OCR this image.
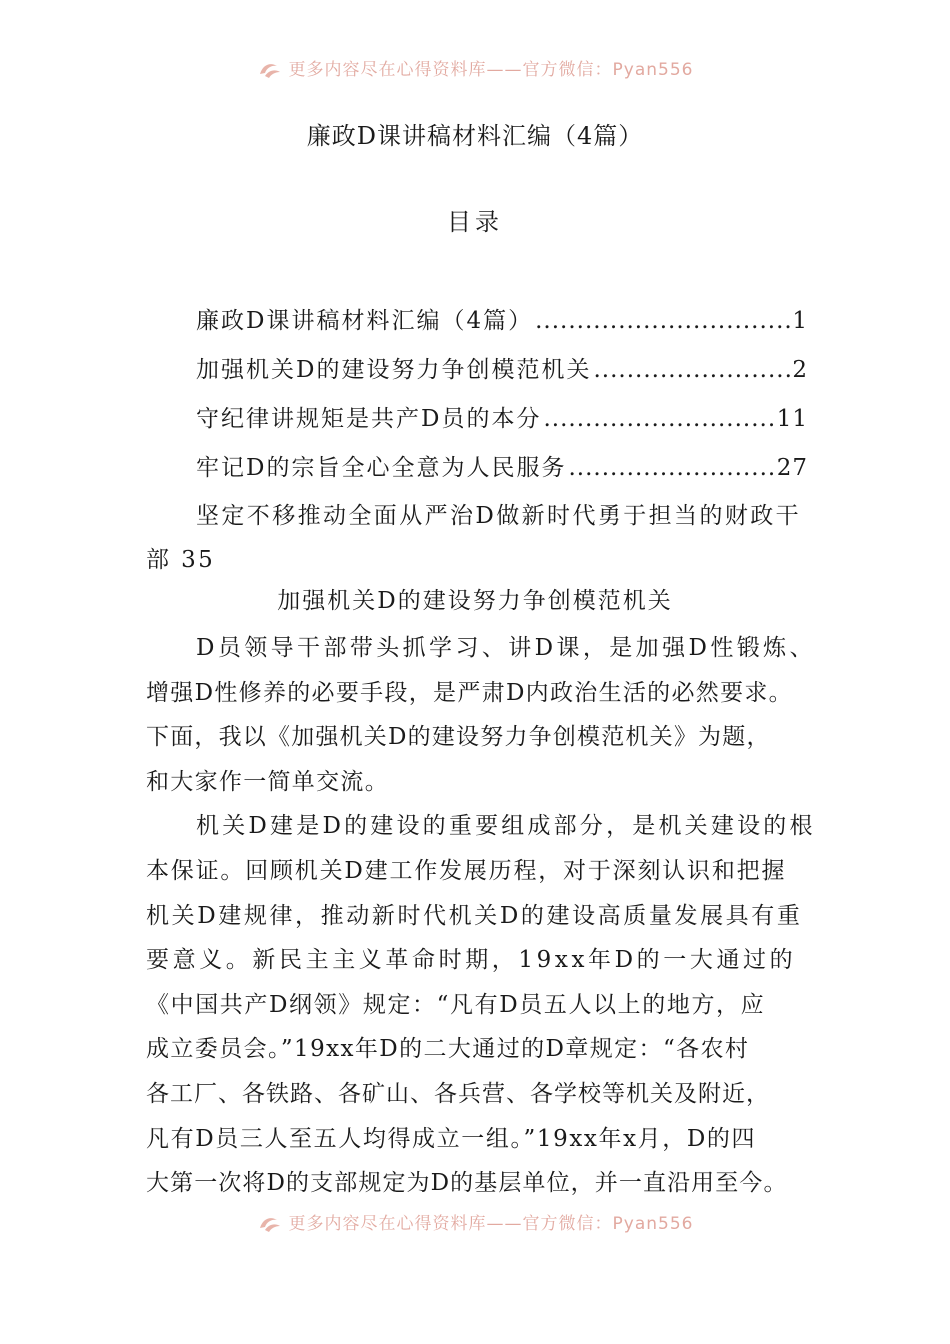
更多内容尽在心得资料库——官方微信：Pyan556
廉政D课讲稿材料汇编（4篇）
目录
廉政D课讲稿材料汇编（4篇） .....	1
加强机关D的建设努力争创模范机关 .....	2
守纪律讲规矩是共产D员的本分 .....	11
牢记D的宗旨全心全意为人民服务 .....	27
坚定不移推动全面从严治D做新时代勇于担当的财政干
部 35
加强机关D的建设努力争创模范机关
D员领导干部带头抓学习、讲D课，是加强D性锻炼、
增强D性修养的必要手段，是严肃D内政治生活的必然要求。
下面，我以《加强机关D的建设努力争创模范机关》为题，
和大家作一简单交流。
机关D建是D的建设的重要组成部分，是机关建设的根
本保证。回顾机关D建工作发展历程，对于深刻认识和把握
机关D建规律，推动新时代机关D的建设高质量发展具有重
要意义。新民主主义革命时期，19xx年D的一大通过的
《中国共产D纲领》规定：“凡有D员五人以上的地方，应
成立委员会。”19xx年D的二大通过的D章规定：“各农村
各工厂、各铁路、各矿山、各兵营、各学校等机关及附近，
凡有D员三人至五人均得成立一组。”19xx年x月，D的四
大第一次将D的支部规定为D的基层单位，并一直沿用至今。
更多内容尽在心得资料库——官方微信：Pyan556
